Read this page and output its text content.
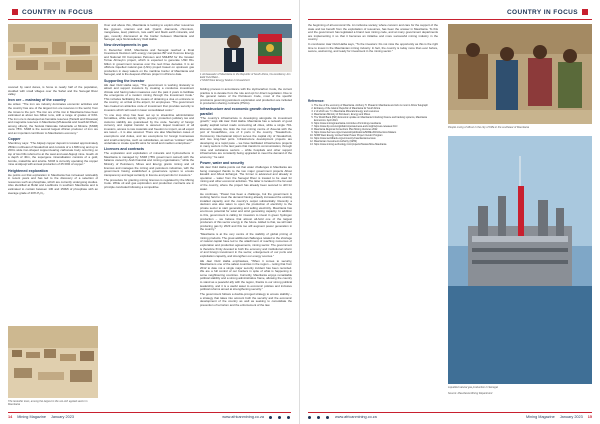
COUNTRY IN FOCUS

covered by sand dunes, is home to nearly half of the population, studded with small villages over the Sahel and the Senegal River valley.

Iron ore – mainstay of the country

He writes: "The iron ore industry dominates economic activities and the country has one of the largest iron ore reserves in the world, from the mines to the port. The iron ore of the iron in Mauritania have been estimated at about two billion tons, with a range of grades of 64%. The iron ore is developed as hematite reserves (Tazadit and Rouessa) and magnetite reserves in Mauritania (M'Haoudat and Guelb El Rhein, among others), the Société Nationale Industrielle et Minière (SNIM) owns 78%. SNIM is the second largest African producer of iron ore and an important contributor to Mauritania's economy."

Copper

Shembrey says: "The Akjoujt copper deposit is located approximately 250km northeast of Nouakchott and consists of a 1.6Mt long and up to 200m wide iron-shaped copper-bearing carbonate body occurring on top of two hills referred to at the west and east Akjoujt mine. Guelb. At a depth of 40m, the supergene mineralisation consists of a gold, bornite, malachite and azurite. MCM is currently operating the copper mine at Akjoujt with annual production of 25 000t of copper."

Heightened exploration

He points out that exploration in Mauritania has increased noticeably in recent years and has led to the discovery of a selection of resources such as phosphate, which are currently undergoing studies. Also identified at Bofal and Loubboira in southern Mauritania and is estimated to contain between 130 and 150Mt of phosphate with an average grade of 20% P₂O₅.

The tenesifer town, among the largest in the ore-rich agreed sector in Mauritania

Over and above this, Mauritania is looking to exploit other resources like gypsum, uranium and salt. Quartz, diamonds, chromium, manganese, lead, platinum, rare earth and black earth minerals, and gas, recently discovered at the border between Mauritania and Senegal, says his Excellency Ould Haiba.

New developments in gas

In December 2018, Mauritania and Senegal reached a Final Investment Decision with energy companies BP and Kosmos Energy and National Oil Companies Petrosen and SMHPM for the Greater Tortue Ahmeyim project, which is expected to generate USD 80+ billion in government revenue over the next three decades. It is an offshore liquefied natural gas (LNG) project based on upstream gas production in deep waters on the maritime border of Mauritania and Senegal, and is the deepest offshore project in Africa to date.

Supporting the investor

HE Jaar Ould Haiba says, "The government is working tirelessly to attract and support investors by creating a conducive investment climate and having taken measures over the past 4 years to facilitate the emergence of a modern mining through the Investment Code." This includes facilitating the means of obtaining a visa on entrance to the country, on arrival at the airport, for employees. "The government has created an attractive code of investment that provides security to investors which will result in lower consolidated costs."

"In one stop shop has been set up to streamline administration formalities, while security rights, property protection judiciary tax and customs stability are guaranteed by the code. Security of foreign currency and capital transfer is assured. Equal treatment of all investors, access to raw materials and freedom to import, as all export are taxed – it is also assured. There are also Mauritanian cases of exemptions and duties, and tax exemptions for foreign businesses and small enterprise, such as subsidiaries, as well as "entities" which undertake to create specific aims for small and medium enterprises."

Licences and contracts

The exploration and exploitation of minerals and hydrocarbons in Mauritania is managed by SNIM (78% government owned) with the balance owned by Arab financial and mining organisations," while the Ministry of Petroleum, Mines and Energy grants mining and oil licences and manages the mining and petroleum industries, with the government having established a governance system to ensure transparency and legal certainty in licence and permits for investors."

The procedure for granting mining licences is regulated by the Mining Code. While oil and gas exploration and production contracts are in principle concluded following a competitive

1 Ambassador of Mauritania to the Republic of South Africa, his excellency Jon Eddi Ould Bakk...
2 SNIM West Energy Station in Nouakchott

bidding process in accordance with the Hydrocarbon Code, the current practice is to deviate from the rule and opt for direct negotiation. Due to the general nature of the Petroleum Code, most of the specific provisions governing petroleum exploration and production are included in production sharing contracts (PSCs).

Infrastructure and economic growth developed in parallel

"The country's infrastructure is developing alongside its investment growth," says HE Jaar Ould Haiba. Mauritania has a network of good quality asphalt tarred roads connecting all cities, while a single 704-kilometre railway line links the iron mining centre of Zouerat with the port of Nouadhibou, one of 3 ports in the country. "Nouakchott–Oumtounsy International Airport serves the capital city of Nouakchott, and two long-haul ports. Infrastructure development projects are developing at a rapid pace – we have facilitated infrastructure projects in many sectors in the last years that transform communication, through mine and substance sectors – while hospitals and other support infrastructure are constantly being upgraded to meet the demand of the economy," he said.

Power, water and security

HE Jaar Ould Haiba points out that water challenges in Mauritania are being managed thanks to the two major government projects Aftout Essahli and Aftout Echargui. The former is advanced and already in operation – water from the Senegal River is treated to be used for mining and other economic activities. The latter is located in the far east of the country, where the project has already been secured to drill for water.

He continues, "Power has been a challenge, but the government is working hard to meet the demand having already increased the existing installed capacity and the country's output substantially. Recently a decision was also taken to open the production of electricity to the private sector to start generating and selling electricity. Mauritania has enormous potential for solar and wind generating capacity. In addition to this, government is calling for investors to invest in green hydrogen production – we believe that almost all-hold one of the largest producers of this sector energy in the future. Added to that, we will start producing gas by 2023 and this too will augment power generation in the country."

"Mauritania is at the very centre of the stability of global pricing of mining products. The great additional challenges related to the shortage of natural capital have led to the attachment of reaching numerous of exploration and production agreements, mining sector. The government is therefore firmly devoted to both the economy and institutional reform of and foreign investment in the sector, enlargement of our ports and exploitation capacity, and strengthen our energy sources."

HE Jaar Ould Haiba emphasises, "When it comes to security, Mauritania is one of the safest countries in the region – noting that from 2012 to date not a single major security incident has been recorded. We are a full control of our borders in spite of what is happening in some neighbouring countries. Currently, Mauritania enjoys remarkable political stability and a strong administrative frame, allowing the country to stand as a peaceful ally with the region, thanks to our strong political leadership, and it is a useful asset to economic policies and inclusive political reforms aimed at strengthening security."

The government follows a double-pronged strategy to ensure stability – a strategy that takes into account both the security and the economic development of the country as well as seeking to consolidate the prevention of terrorism and the enforcement of the law.

14 Mining Magazine January 2023	www.africanmining.co.za
COUNTRY IN FOCUS

the beginning of all economic life. An inclusive society, where concern and care for the support of the state and tax benefit from the exploitation of resources, has been the answer in Mauritania. To this end the government has legislated a brand new mining code, and at many government departments are implementing it so that it becomes an initiative and more successful mining industry in the country.

In conclusion Jaar Ould Haiba says, "To the investors: Do not miss the opportunity as this is the right time to invest in the Mauritanian mining industry. In fact, the country is today more than ever before, secure, welcoming, and ready for investment in the mining sector."

People Living of Aftout in the city of Kiffa in the southeast of Mauritania
Reference:
1. The rise of the economy of Mauritania. Anthony H. Prasad in Mauritania and who is most in Africa Telegraph
2. Embassy of the Islamic Republic of Mauritania for South Africa
3. 2 of which are 7 in Mauritania Minerals Energy and resources
4. Mauritanian Ministry of Petroleum, Energy and Mines
5. The World Bank (IMF) Economic update on Mauritania Unlocking finance and banking systems, Mauritania Economics: April 2021
6. https://www.miningmauritania.com/index.cfm/mining-mauritania
7. https://www.bp.com/en/global/corporate/news-and-insights/press-releases.html
8. Mauritania Regional Consortium Plan Mining Ventures 2022
9. https://www.hermes.org/en/network/publications/MIME-2019-Decision-Makers
10. SNIM West Energy Limited Solar Power Project Vendor Program
11. https://www.worldbank.org/en/country/mauritania/overview
12. Mauritanian Investment Authority (IAPM)
13. https://www.mining-technology.com/projects/Tasiast-Mine-Mauritania
Liquefied natural gas production in Senegal
Source: Mauritania Mining Department
www.africanmining.co.za	Mining Magazine January 2023 15
